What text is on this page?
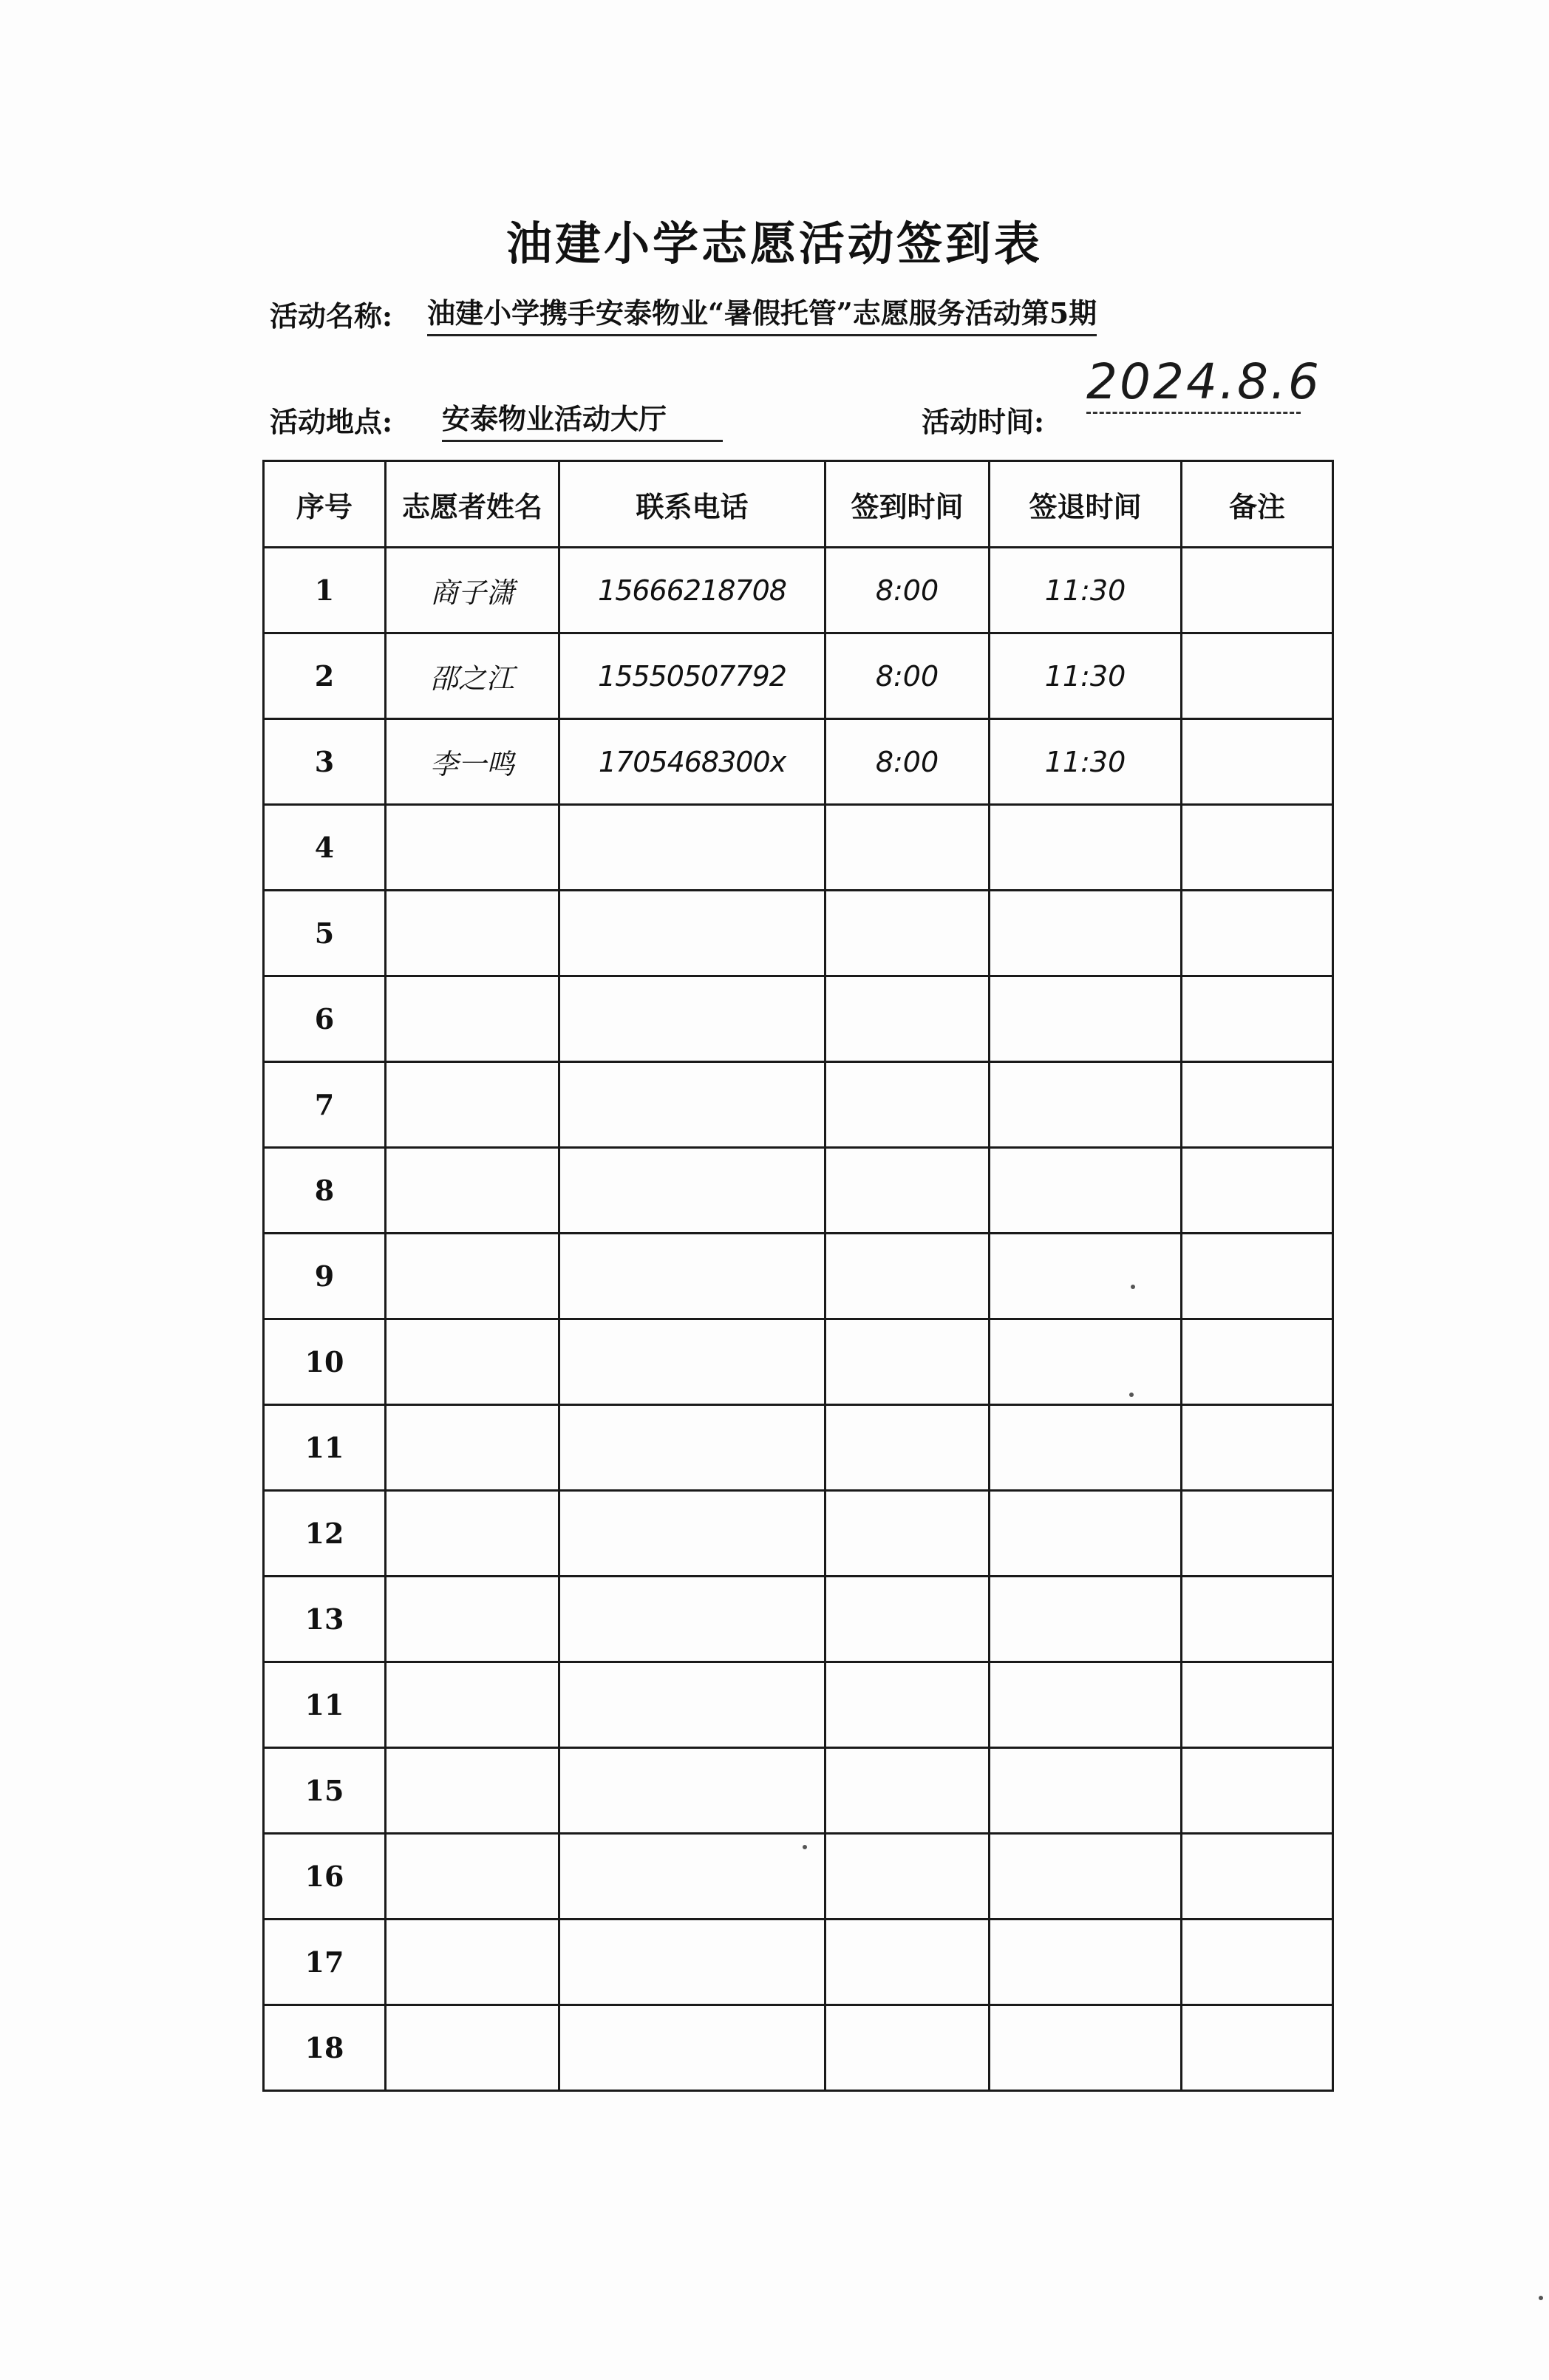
油建小学志愿活动签到表
活动名称: 油建小学携手安泰物业“暑假托管”志愿服务活动第5期
活动地点: 安泰物业活动大厅	活动时间:
2024.8.6
序号	志愿者姓名	联系电话	签到时间	签退时间	备注
1	商子潇	15666218708	8:00	11:30	
2	邵之江	15550507792	8:00	11:30	
3	李一鸣	1705468300x	8:00	11:30	
4					
5					
6					
7					
8					
9					
10					
11					
12					
13					
11					
15					
16					
17					
18					
